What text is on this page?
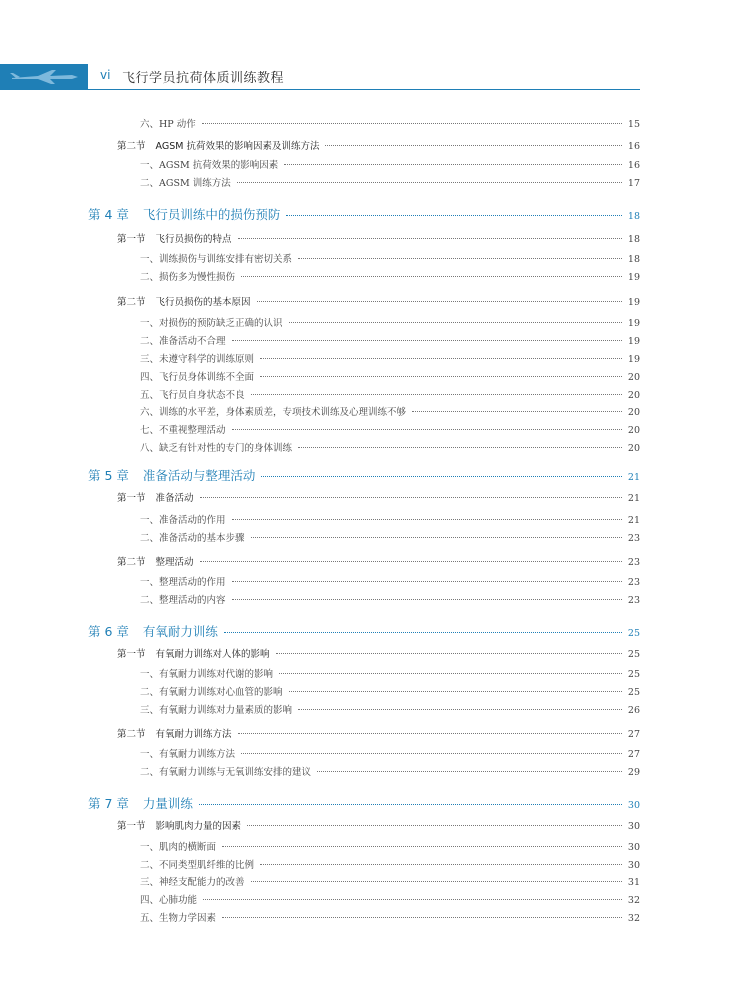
vi 飞行学员抗荷体质训练教程
六、HP 动作	15
第二节 AGSM 抗荷效果的影响因素及训练方法	16
一、AGSM 抗荷效果的影响因素	16
二、AGSM 训练方法	17
第 4 章 飞行员训练中的损伤预防	18
第一节 飞行员损伤的特点	18
一、训练损伤与训练安排有密切关系	18
二、损伤多为慢性损伤	19
第二节 飞行员损伤的基本原因	19
一、对损伤的预防缺乏正确的认识	19
二、准备活动不合理	19
三、未遵守科学的训练原则	19
四、飞行员身体训练不全面	20
五、飞行员自身状态不良	20
六、训练的水平差，身体素质差，专项技术训练及心理训练不够	20
七、不重视整理活动	20
八、缺乏有针对性的专门的身体训练	20
第 5 章 准备活动与整理活动	21
第一节 准备活动	21
一、准备活动的作用	21
二、准备活动的基本步骤	23
第二节 整理活动	23
一、整理活动的作用	23
二、整理活动的内容	23
第 6 章 有氧耐力训练	25
第一节 有氧耐力训练对人体的影响	25
一、有氧耐力训练对代谢的影响	25
二、有氧耐力训练对心血管的影响	25
三、有氧耐力训练对力量素质的影响	26
第二节 有氧耐力训练方法	27
一、有氧耐力训练方法	27
二、有氧耐力训练与无氧训练安排的建议	29
第 7 章 力量训练	30
第一节 影响肌肉力量的因素	30
一、肌肉的横断面	30
二、不同类型肌纤维的比例	30
三、神经支配能力的改善	31
四、心肺功能	32
五、生物力学因素	32
